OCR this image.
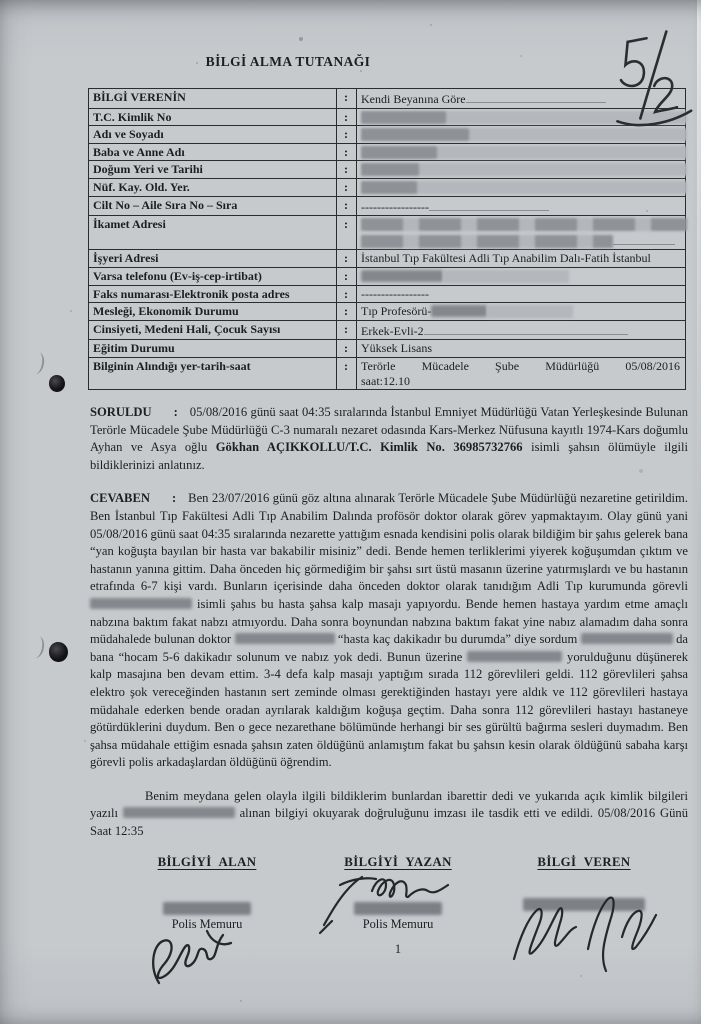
BİLGİ ALMA TUTANAĞI
BİLGİ VERENİN	:	Kendi Beyanına Göre
T.C. Kimlik No	:	

Adı ve Soyadı	:	

Baba ve Anne Adı	:	

Doğum Yeri ve Tarihi	:	

Nüf. Kay. Old. Yer.	:	

Cilt No – Aile Sıra No – Sıra	:	-----------------
İkamet Adresi	:	

İşyeri Adresi	:	İstanbul Tıp Fakültesi Adli Tıp Anabilim Dalı-Fatih İstanbul
Varsa telefonu (Ev-iş-cep-irtibat)	:	
Faks numarası-Elektronik posta adres	:	-----------------
Mesleği, Ekonomik Durumu	:	Tıp Profesörü-
Cinsiyeti, Medeni Hali, Çocuk Sayısı	:	Erkek-Evli-2
Eğitim Durumu	:	Yüksek Lisans
Bilginin Alındığı yer-tarih-saat	:	Terörle Mücadele Şube Müdürlüğü 05/08/2016saat:12.10

SORULDU : 05/08/2016 günü saat 04:35 sıralarında İstanbul Emniyet Müdürlüğü Vatan Yerleşkesinde Bulunan Terörle Mücadele Şube Müdürlüğü C-3 numaralı nezaret odasında Kars-Merkez Nüfusuna kayıtlı 1974-Kars doğumlu Ayhan ve Asya oğlu Gökhan AÇIKKOLLU/T.C. Kimlik No. 36985732766 isimli şahsın ölümüyle ilgili bildiklerinizi anlatınız.

CEVABEN : Ben 23/07/2016 günü göz altına alınarak Terörle Mücadele Şube Müdürlüğü nezaretine getirildim. Ben İstanbul Tıp Fakültesi Adli Tıp Anabilim Dalında profösör doktor olarak görev yapmaktayım. Olay günü yani 05/08/2016 günü saat 04:35 sıralarında nezarette yattığım esnada kendisini polis olarak bildiğim bir şahıs gelerek bana “yan koğuşta bayılan bir hasta var bakabilir misiniz” dedi. Bende hemen terliklerimi yiyerek koğuşumdan çıktım ve hastanın yanına gittim. Daha önceden hiç görmediğim bir şahsı sırt üstü masanın üzerine yatırmışlardı ve bu hastanın etrafında 6-7 kişi vardı. Bunların içerisinde daha önceden doktor olarak tanıdığım Adli Tıp kurumunda görevli  isimli şahıs bu hasta şahsa kalp masajı yapıyordu. Bende hemen hastaya yardım etme amaçlı nabzına baktım fakat nabzı atmıyordu. Daha sonra boynundan nabzına baktım fakat yine nabız alamadım daha sonra müdahalede bulunan doktor	“hasta kaç dakikadır bu durumda” diye sordum	da bana “hocam 5-6 dakikadır solunum ve nabız yok dedi. Bunun üzerine	yorulduğunu düşünerek kalp masajına ben devam ettim. 3-4 defa kalp masajı yaptığım sırada 112 görevlileri geldi. 112 görevlileri şahsa elektro şok vereceğinden hastanın sert zeminde olması gerektiğinden hastayı yere aldık ve 112 görevlileri hastaya müdahale ederken bende oradan ayrılarak kaldığım koğuşa geçtim. Daha sonra 112 görevlileri hastayı hastaneye götürdüklerini duydum. Ben o gece nezarethane bölümünde herhangi bir ses gürültü bağırma sesleri duymadım. Ben şahsa müdahale ettiğim esnada şahsın zaten öldüğünü anlamıştım fakat bu şahsın kesin olarak öldüğünü sabaha karşı görevli polis arkadaşlardan öldüğünü öğrendim.

Benim meydana gelen olayla ilgili bildiklerim bunlardan ibarettir dedi ve yukarıda açık kimlik bilgileri yazılı	alınan bilgiyi okuyarak doğruluğunu imzası ile tasdik etti ve edildi. 05/08/2016 Günü Saat 12:35

BİLGİYİ ALAN
Polis Memuru
BİLGİYİ YAZAN
Polis Memuru
1
BİLGİ VEREN
